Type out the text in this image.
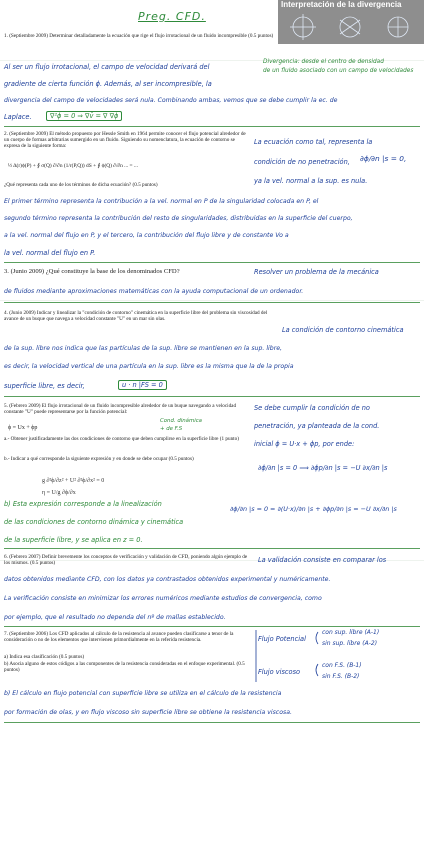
Preg. CFD.
Interpretación de la divergencia
1. (Septiembre 2009) Determinar detalladamente la ecuación que rige el flujo irrotacional de un fluido incompresible (0.5 puntos)
Divergencia: desde el centro de densidad
de un fluido asociado con un campo de velocidades
Al ser un flujo irrotacional, el campo de velocidad derivará del
gradiente de cierta función ϕ. Además, al ser incompresible, la
divergencia del campo de velocidades será nula. Combinando ambas, vemos que se debe cumplir la ec. de
Laplace.	∇²ϕ = 0 ⇒ ∇v̄ = ∇ ∇ϕ
2. (Septiembre 2009) El método propuesto por Hessle Smith en 1964 permite conocer el flujo potencial alrededor de un cuerpo de formas arbitrarias sumergido en un fluido. Siguiendo su nomenclatura, la ecuación de contorno se expresa de la siguiente forma:
½ Δ(r)ϕ(P) + ∮ σ(Q) ∂/∂n (1/r(P,Q)) dS + ∮ ϕ(Q) ∂/∂n ... = ...
¿Qué representa cada uno de los términos de dicha ecuación? (0.5 puntos)
La ecuación como tal, representa la
condición de no penetración, ∂ϕ/∂n |s = 0,
ya la vel. normal a la sup. es nula.
El primer término representa la contribución a la vel. normal en P de la singularidad colocada en P, el
segundo término representa la contribución del resto de singularidades, distribuidas en la superficie del cuerpo,
a la vel. normal del flujo en P, y el tercero, la contribución del flujo libre y de constante Vo a
la vel. normal del flujo en P.
3. (Junio 2009) ¿Qué constituye la base de los denominados CFD?	Resolver un problema de la mecánica
de fluidos mediante aproximaciones matemáticas con la ayuda computacional de un ordenador.
4. (Junio 2009) Indicar y linealizar la "condición de contorno" cinemática en la superficie libre del problema sin viscosidad del avance de un buque que navega a velocidad constante "U" en un mar sin olas.
La condición de contorno cinemática
de la sup. libre nos indica que las partículas de la sup. libre se mantienen en la sup. libre,
es decir, la velocidad vertical de una partícula en la sup. libre es la misma que la de la propia
superficie libre, es decir,	u · n |FS = 0
5. (Febrero 2009) El flujo irrotacional de un fluido incompresible alrededor de un buque navegando a velocidad constante "U" puede representarse por la función potencial:
ϕ = Ux + ϕp
Cond. dinámica
+ de F.S
a.- Obtener justificadamente las dos condiciones de contorno que deben cumplirse en la superficie libre (1 punto)
b.- Indicar a qué corresponde la siguiente expresión y en donde se debe ocupar (0.5 puntos)
g ∂²ϕ/∂z² + U² ∂²ϕ/∂x² = 0
η = U/g ∂ϕ/∂x
Se debe cumplir la condición de no
penetración, ya planteada de la cond.
inicial ϕ = U·x + ϕp, por ende:
∂ϕ/∂n |s = 0 ⟹ ∂ϕp/∂n |s = −U ∂x/∂n |s
b) Esta expresión corresponde a la linealización
de las condiciones de contorno dinámica y cinemática
de la superficie libre, y se aplica en z = 0.
∂ϕ/∂n |s = 0 = ∂(U·x)/∂n |s + ∂ϕp/∂n |s = −U ∂x/∂n |s
6. (Febrero 2007) Definir brevemente los conceptos de verificación y validación de CFD, poniendo algún ejemplo de los mismos. (0.5 puntos)	La validación consiste en comparar los
datos obtenidos mediante CFD, con los datos ya contrastados obtenidos experimental y numéricamente.
La verificación consiste en minimizar los errores numéricos mediante estudios de convergencia, como
por ejemplo, que el resultado no dependa del nº de mallas establecido.
7. (Septiembre 2006) Los CFD aplicados al cálculo de la resistencia al avance pueden clasificarse a tenor de la consideración o no de los elementos que intervienen primordialmente en la referida resistencia.
a) Indica esa clasificación (0.5 puntos)
b) Asocia alguno de estos códigos a las componentes de la resistencia consideradas en el enfoque experimental. (0.5 puntos)
Flujo Potencial
con sup. libre (A-1)
sin sup. libre (A-2)
Flujo viscoso
con F.S. (B-1)
sin F.S. (B-2)
b) El cálculo en flujo potencial con superficie libre se utiliza en el cálculo de la resistencia
por formación de olas, y en flujo viscoso sin superficie libre se obtiene la resistencia viscosa.
